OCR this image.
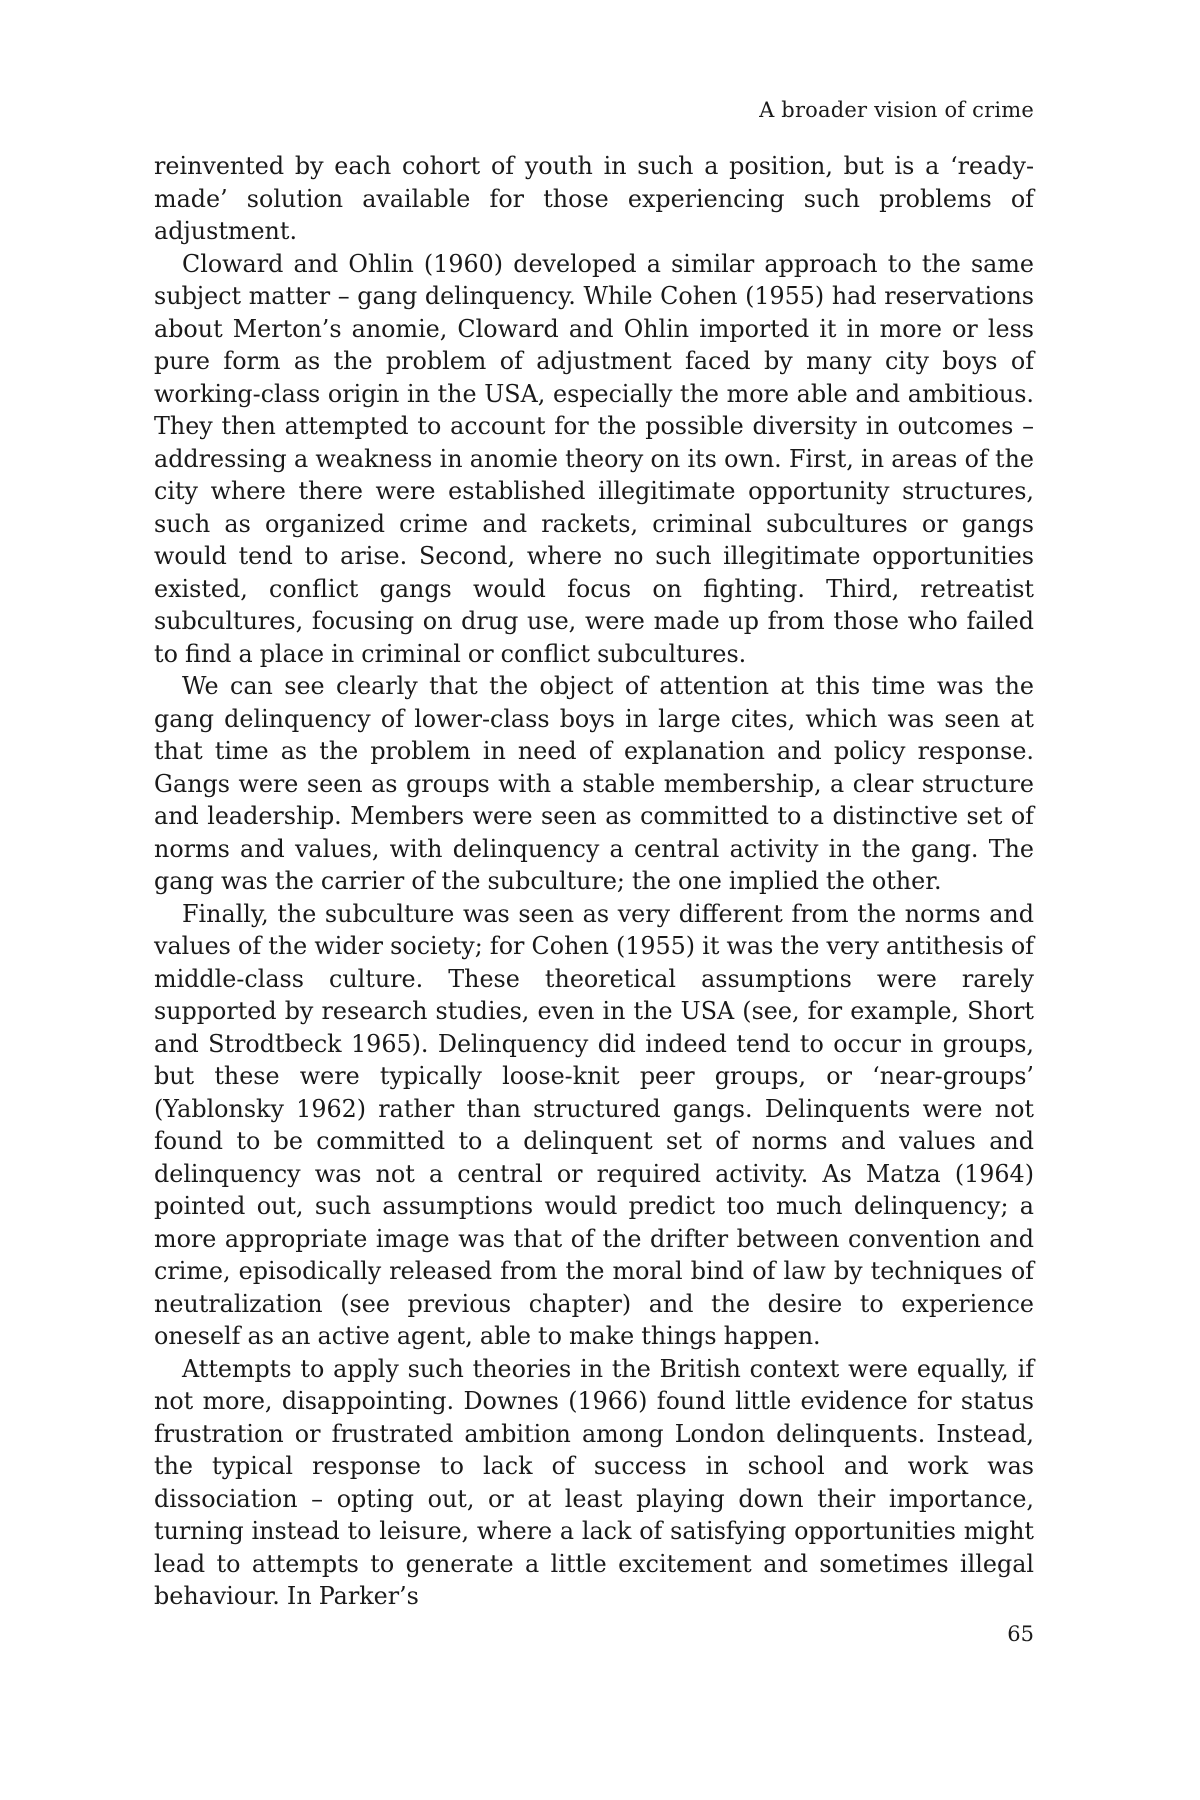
A broader vision of crime

reinvented by each cohort of youth in such a position, but is a ‘ready-made’ solution available for those experiencing such problems of adjustment.

Cloward and Ohlin (1960) developed a similar approach to the same subject matter – gang delinquency. While Cohen (1955) had reservations about Merton’s anomie, Cloward and Ohlin imported it in more or less pure form as the problem of adjustment faced by many city boys of working-class origin in the USA, especially the more able and ambitious. They then attempted to account for the possible diversity in outcomes – addressing a weakness in anomie theory on its own. First, in areas of the city where there were established illegitimate opportunity structures, such as organized crime and rackets, criminal subcultures or gangs would tend to arise. Second, where no such illegitimate opportunities existed, conflict gangs would focus on fighting. Third, retreatist subcultures, focusing on drug use, were made up from those who failed to find a place in criminal or conflict subcultures.

We can see clearly that the object of attention at this time was the gang delinquency of lower-class boys in large cites, which was seen at that time as the problem in need of explanation and policy response. Gangs were seen as groups with a stable membership, a clear structure and leadership. Members were seen as committed to a distinctive set of norms and values, with delinquency a central activity in the gang. The gang was the carrier of the subculture; the one implied the other.

Finally, the subculture was seen as very different from the norms and values of the wider society; for Cohen (1955) it was the very antithesis of middle-class culture. These theoretical assumptions were rarely supported by research studies, even in the USA (see, for example, Short and Strodtbeck 1965). Delinquency did indeed tend to occur in groups, but these were typically loose-knit peer groups, or ‘near-groups’ (Yablonsky 1962) rather than structured gangs. Delinquents were not found to be committed to a delinquent set of norms and values and delinquency was not a central or required activity. As Matza (1964) pointed out, such assumptions would predict too much delinquency; a more appropriate image was that of the drifter between convention and crime, episodically released from the moral bind of law by techniques of neutralization (see previous chapter) and the desire to experience oneself as an active agent, able to make things happen.

Attempts to apply such theories in the British context were equally, if not more, disappointing. Downes (1966) found little evidence for status frustration or frustrated ambition among London delinquents. Instead, the typical response to lack of success in school and work was dissociation – opting out, or at least playing down their importance, turning instead to leisure, where a lack of satisfying opportunities might lead to attempts to generate a little excitement and sometimes illegal behaviour. In Parker’s

65
